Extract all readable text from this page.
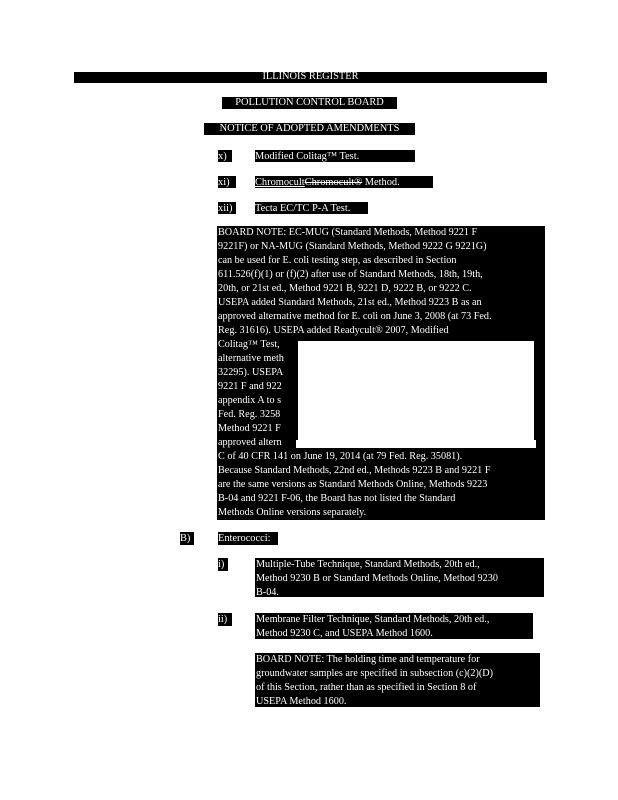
ILLINOIS REGISTER
POLLUTION CONTROL BOARD
NOTICE OF ADOPTED AMENDMENTS
x)	Modified Colitag™ Test.
xi)	ChromocultChromocult® Method.
xii)	Tecta EC/TC P-A Test.
BOARD NOTE: EC-MUG (Standard Methods, Method 9221 F
9221F) or NA-MUG (Standard Methods, Method 9222 G 9221G)
can be used for E. coli testing step, as described in Section
611.526(f)(1) or (f)(2) after use of Standard Methods, 18th, 19th,
20th, or 21st ed., Method 9221 B, 9221 D, 9222 B, or 9222 C.
USEPA added Standard Methods, 21st ed., Method 9223 B as an
approved alternative method for E. coli on June 3, 2008 (at 73 Fed.
Reg. 31616). USEPA added Readycult® 2007, Modified
Colitag™ Test,
alternative meth
32295). USEPA
9221 F and 922
appendix A to s
Fed. Reg. 3258
Method 9221 F
approved altern
C of 40 CFR 141 on June 19, 2014 (at 79 Fed. Reg. 35081).
Because Standard Methods, 22nd ed., Methods 9223 B and 9221 F
are the same versions as Standard Methods Online, Methods 9223
B-04 and 9221 F-06, the Board has not listed the Standard
Methods Online versions separately.
B)	Enterococci:
i)	Multiple-Tube Technique, Standard Methods, 20th ed.,
Method 9230 B or Standard Methods Online, Method 9230
B-04.
ii)	Membrane Filter Technique, Standard Methods, 20th ed.,
Method 9230 C, and USEPA Method 1600.
BOARD NOTE: The holding time and temperature for
groundwater samples are specified in subsection (c)(2)(D)
of this Section, rather than as specified in Section 8 of
USEPA Method 1600.
